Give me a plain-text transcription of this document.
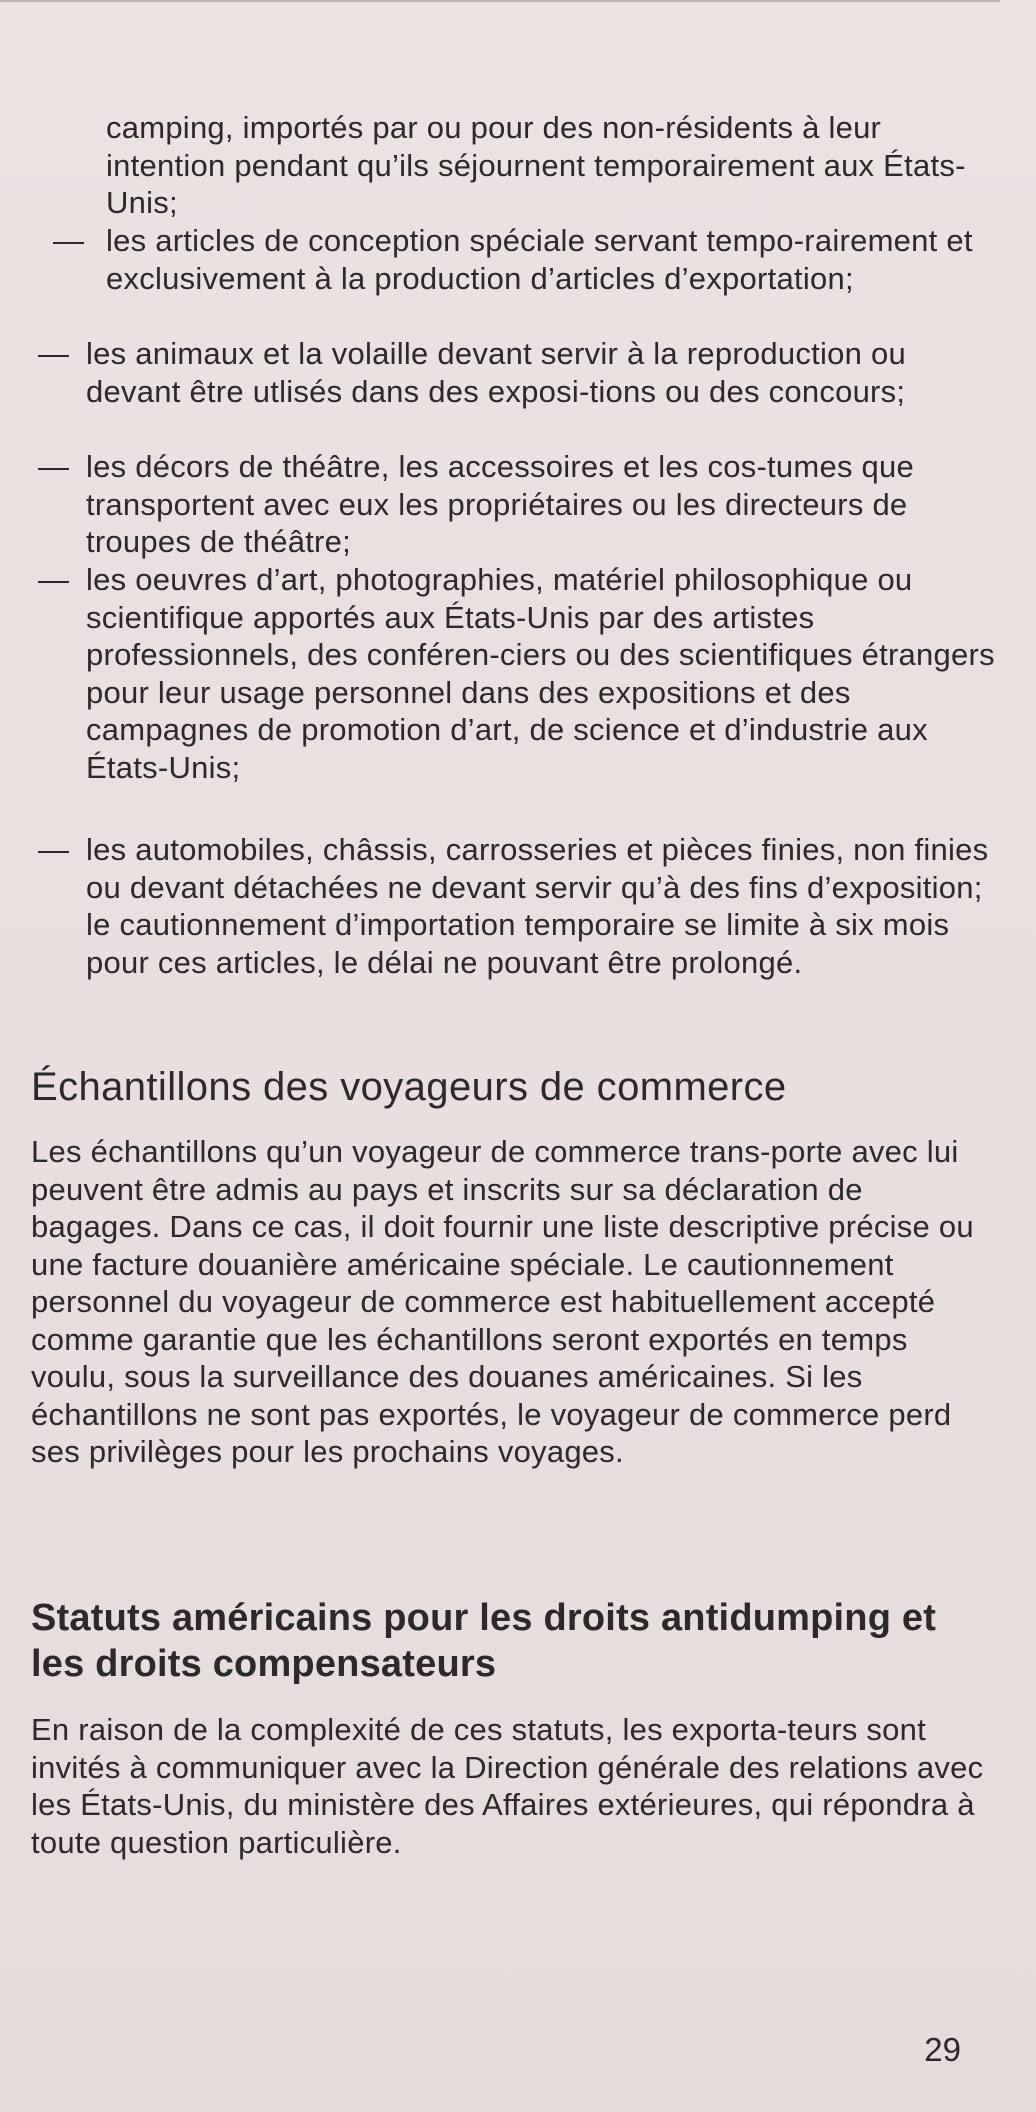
camping, importés par ou pour des non-résidents à leur intention pendant qu’ils séjournent temporairement aux États-Unis;
— les articles de conception spéciale servant tempo-rairement et exclusivement à la production d’articles d’exportation;
— les animaux et la volaille devant servir à la reproduction ou devant être utlisés dans des exposi-tions ou des concours;
— les décors de théâtre, les accessoires et les cos-tumes que transportent avec eux les propriétaires ou les directeurs de troupes de théâtre;
— les oeuvres d’art, photographies, matériel philosophique ou scientifique apportés aux États-Unis par des artistes professionnels, des conféren-ciers ou des scientifiques étrangers pour leur usage personnel dans des expositions et des campagnes de promotion d’art, de science et d’industrie aux États-Unis;
— les automobiles, châssis, carrosseries et pièces finies, non finies ou devant détachées ne devant servir qu’à des fins d’exposition; le cautionnement d’importation temporaire se limite à six mois pour ces articles, le délai ne pouvant être prolongé.
Échantillons des voyageurs de commerce
Les échantillons qu’un voyageur de commerce trans-porte avec lui peuvent être admis au pays et inscrits sur sa déclaration de bagages. Dans ce cas, il doit fournir une liste descriptive précise ou une facture douanière américaine spéciale. Le cautionnement personnel du voyageur de commerce est habituellement accepté comme garantie que les échantillons seront exportés en temps voulu, sous la surveillance des douanes américaines. Si les échantillons ne sont pas exportés, le voyageur de commerce perd ses privilèges pour les prochains voyages.
Statuts américains pour les droits antidumping et les droits compensateurs
En raison de la complexité de ces statuts, les exporta-teurs sont invités à communiquer avec la Direction générale des relations avec les États-Unis, du ministère des Affaires extérieures, qui répondra à toute question particulière.
29
